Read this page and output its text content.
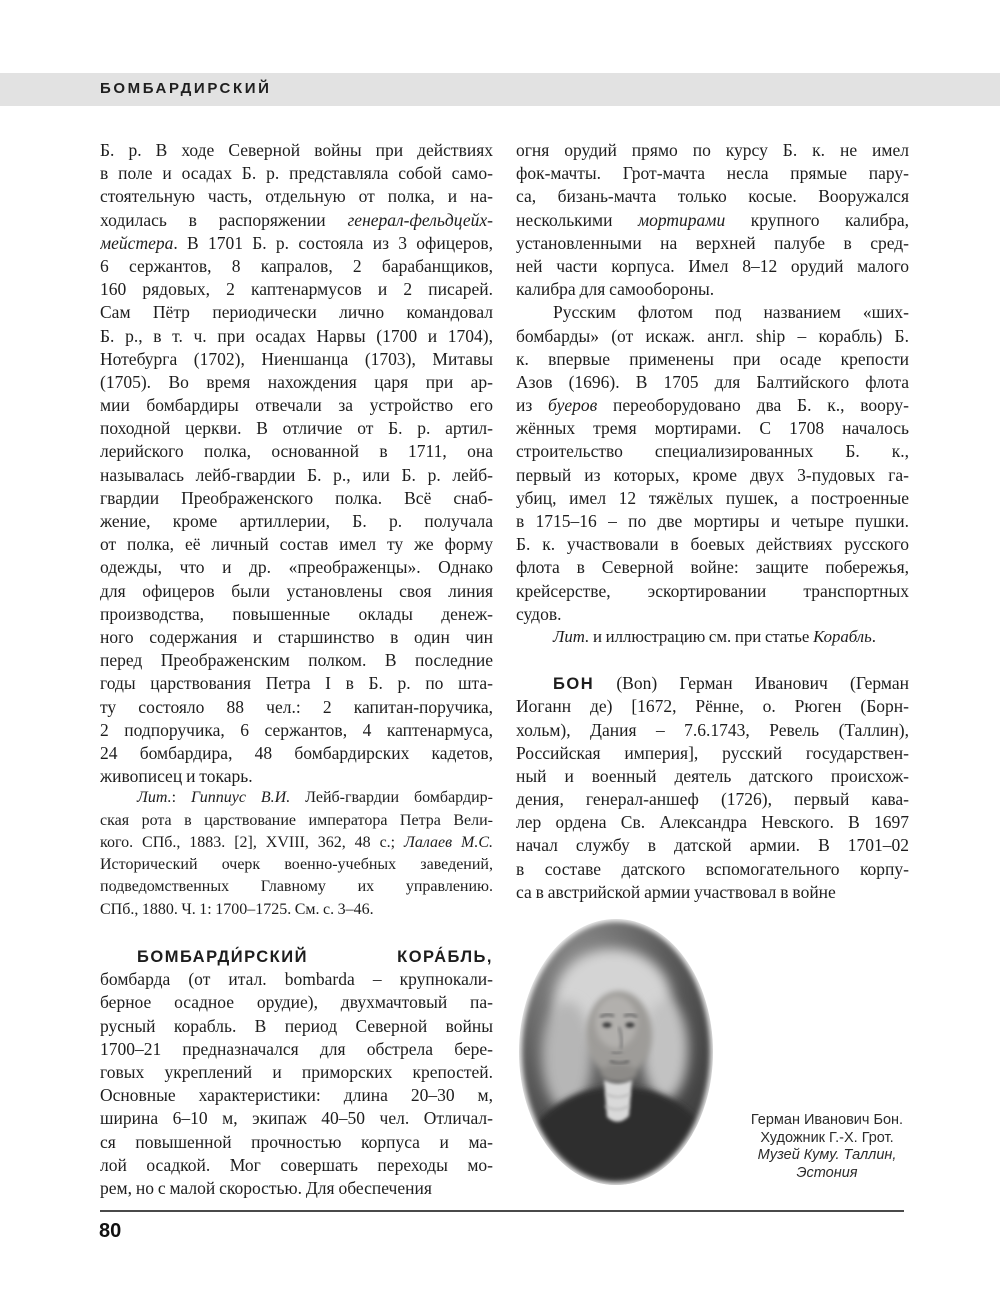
БОМБАРДИРСКИЙ
Б. р. В ходе Северной войны при действиях
в поле и осадах Б. р. представляла собой само-
стоятельную часть, отдельную от полка, и на-
ходилась в распоряжении генерал-фельдцейх-
мейстера. В 1701 Б. р. состояла из 3 офицеров,
6 сержантов, 8 капралов, 2 барабанщиков,
160 рядовых, 2 каптенармусов и 2 писарей.
Сам Пётр периодически лично командовал
Б. р., в т. ч. при осадах Нарвы (1700 и 1704),
Нотебурга (1702), Ниеншанца (1703), Митавы
(1705). Во время нахождения царя при ар-
мии бомбардиры отвечали за устройство его
походной церкви. В отличие от Б. р. артил-
лерийского полка, основанной в 1711, она
называлась лейб-гвардии Б. р., или Б. р. лейб-
гвардии Преображенского полка. Всё снаб-
жение, кроме артиллерии, Б. р. получала
от полка, её личный состав имел ту же форму
одежды, что и др. «преображенцы». Однако
для офицеров были установлены своя линия
производства, повышенные оклады денеж-
ного содержания и старшинство в один чин
перед Преображенским полком. В последние
годы царствования Петра I в Б. р. по шта-
ту состояло 88 чел.: 2 капитан-поручика,
2 подпоручика, 6 сержантов, 4 каптенармуса,
24 бомбардира, 48 бомбардирских кадетов,
живописец и токарь.
Лит.: Гиппиус В.И. Лейб-гвардии бомбардир-
ская рота в царствование императора Петра Вели-
кого. СПб., 1883. [2], XVIII, 362, 48 с.; Лалаев М.С.
Исторический очерк военно-учебных заведений,
подведомственных Главному их управлению.
СПб., 1880. Ч. 1: 1700–1725. См. с. 3–46.
БОМБАРДИ́РСКИЙ КОРА́БЛЬ,
бомбарда (от итал. bombarda – крупнокали-
берное осадное орудие), двухмачтовый па-
русный корабль. В период Северной войны
1700–21 предназначался для обстрела бере-
говых укреплений и приморских крепостей.
Основные характеристики: длина 20–30 м,
ширина 6–10 м, экипаж 40–50 чел. Отличал-
ся повышенной прочностью корпуса и ма-
лой осадкой. Мог совершать переходы мо-
рем, но с малой скоростью. Для обеспечения
огня орудий прямо по курсу Б. к. не имел
фок-мачты. Грот-мачта несла прямые пару-
са, бизань-мачта только косые. Вооружался
несколькими мортирами крупного калибра,
установленными на верхней палубе в сред-
ней части корпуса. Имел 8–12 орудий малого
калибра для самообороны.
Русским флотом под названием «ших-
бомбарды» (от искаж. англ. ship – корабль) Б.
к. впервые применены при осаде крепости
Азов (1696). В 1705 для Балтийского флота
из буеров переоборудовано два Б. к., воору-
жённых тремя мортирами. С 1708 началось
строительство специализированных Б. к.,
первый из которых, кроме двух 3-пудовых га-
убиц, имел 12 тяжёлых пушек, а построенные
в 1715–16 – по две мортиры и четыре пушки.
Б. к. участвовали в боевых действиях русского
флота в Северной войне: защите побережья,
крейсерстве, эскортировании транспортных
судов.
Лит. и иллюстрацию см. при статье Корабль.
БОН (Bon) Герман Иванович (Герман
Иоганн де) [1672, Рённе, о. Рюген (Борн-
хольм), Дания – 7.6.1743, Ревель (Таллин),
Российская империя], русский государствен-
ный и военный деятель датского происхож-
дения, генерал-аншеф (1726), первый кава-
лер ордена Св. Александра Невского. В 1697
начал службу в датской армии. В 1701–02
в составе датского вспомогательного корпу-
са в австрийской армии участвовал в войне
Герман Иванович Бон.
Художник Г.-Х. Грот.
Музей Куму. Таллин,
Эстония
80
